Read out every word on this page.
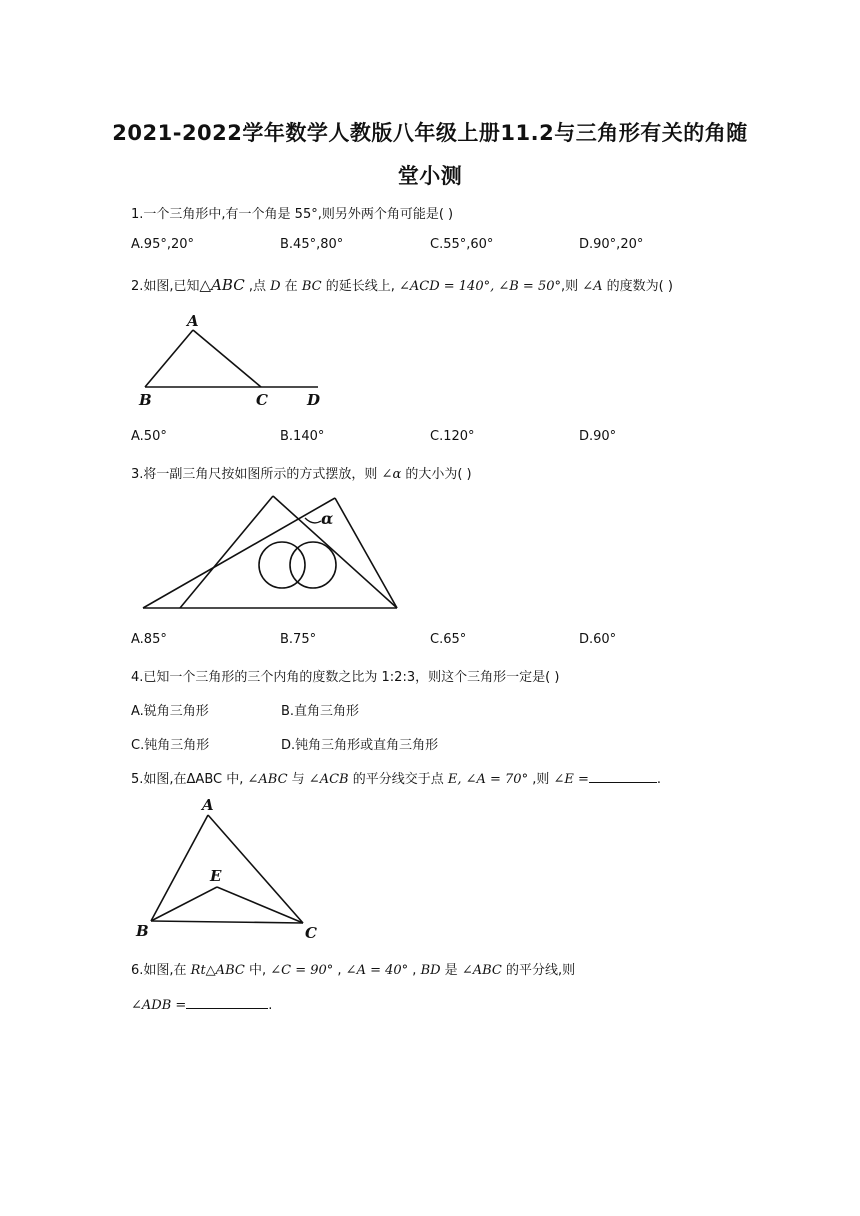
2021-2022学年数学人教版八年级上册11.2与三角形有关的角随
堂小测
1.一个三角形中,有一个角是 55°,则另外两个角可能是( )
A.95°,20°	B.45°,80°	C.55°,60°	D.90°,20°
2.如图,已知△ABC ,点 D 在 BC 的延长线上, ∠ACD = 140°, ∠B = 50°,则 ∠A 的度数为( )
A
B	C	D
A.50°	B.140°	C.120°	D.90°
3.将一副三角尺按如图所示的方式摆放，则 ∠α 的大小为( )
α
A.85°	B.75°	C.65°	D.60°
4.已知一个三角形的三个内角的度数之比为 1:2:3，则这个三角形一定是( )
A.锐角三角形	B.直角三角形
C.钝角三角形	D.钝角三角形或直角三角形
5.如图,在ΔABC 中, ∠ABC 与 ∠ACB 的平分线交于点 E, ∠A = 70° ,则 ∠E =	.
A
E
B	C
6.如图,在 Rt△ABC 中, ∠C = 90° , ∠A = 40° , BD 是 ∠ABC 的平分线,则
∠ADB =	.
